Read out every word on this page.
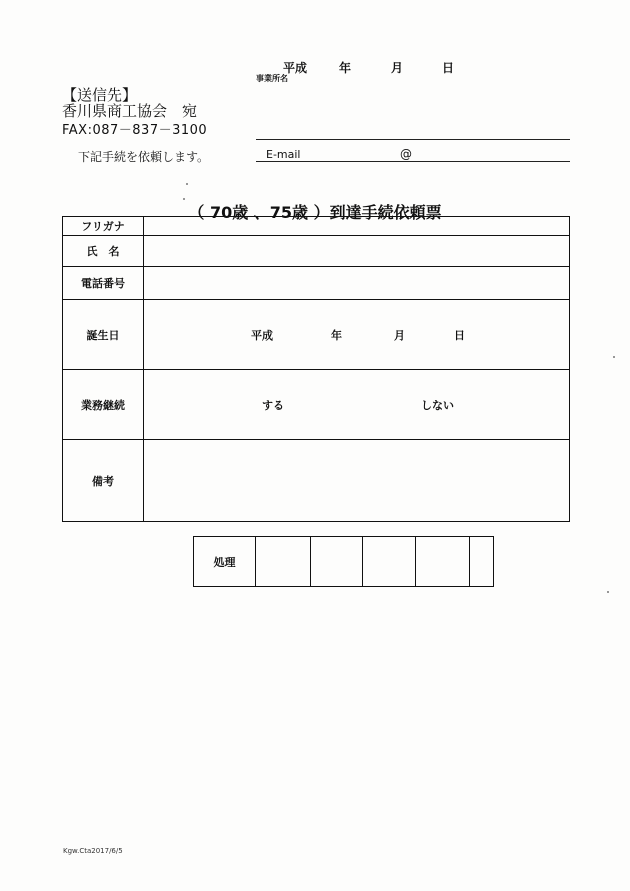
平成	年	月	日
事業所名
【送信先】
香川県商工協会　宛
FAX:087－837－3100
下記手続を依頼します。	E-mail	@
（ 70歳 、75歳 ）到達手続依頼票
フリガナ	
氏　名	
電話番号	
誕生日	平成 年 月 日

業務継続	する しない

備考	
処理					
Kgw.Cta2017/6/5
